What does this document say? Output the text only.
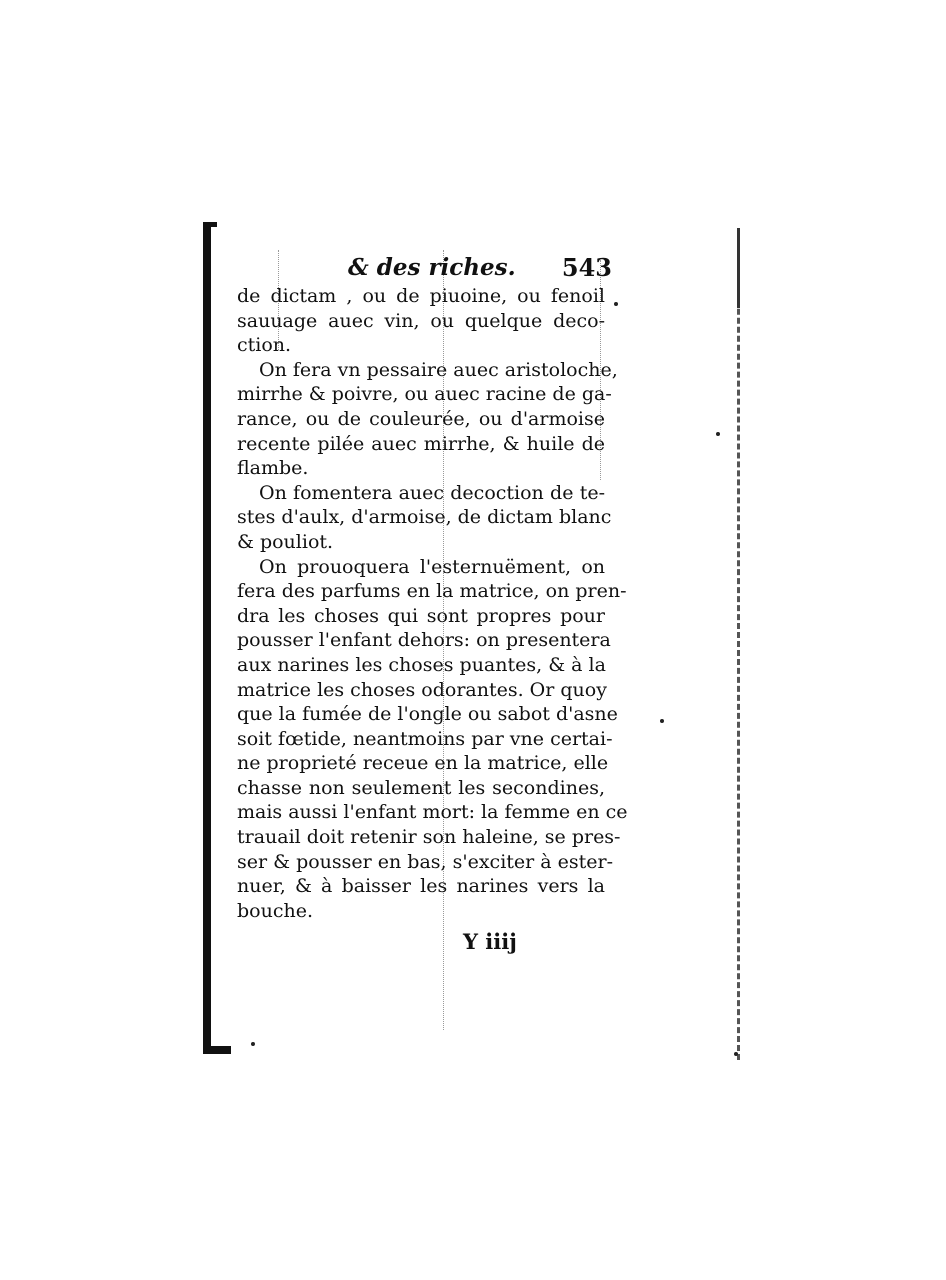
& des riches. 543
de dictam , ou de piuoine, ou fenoil
sauuage auec vin, ou quelque deco-
ction.
On fera vn pessaire auec aristoloche,
mirrhe & poivre, ou auec racine de ga-
rance, ou de couleurée, ou d'armoise
recente pilée auec mirrhe, & huile de
flambe.
On fomentera auec decoction de te-
stes d'aulx, d'armoise, de dictam blanc
& pouliot.
On prouoquera l'esternuëment, on
fera des parfums en la matrice, on pren-
dra les choses qui sont propres pour
pousser l'enfant dehors: on presentera
aux narines les choses puantes, & à la
matrice les choses odorantes. Or quoy
que la fumée de l'ongle ou sabot d'asne
soit fœtide, neantmoins par vne certai-
ne proprieté receue en la matrice, elle
chasse non seulement les secondines,
mais aussi l'enfant mort: la femme en ce
trauail doit retenir son haleine, se pres-
ser & pousser en bas, s'exciter à ester-
nuer, & à baisser les narines vers la
bouche.
Y iiij
